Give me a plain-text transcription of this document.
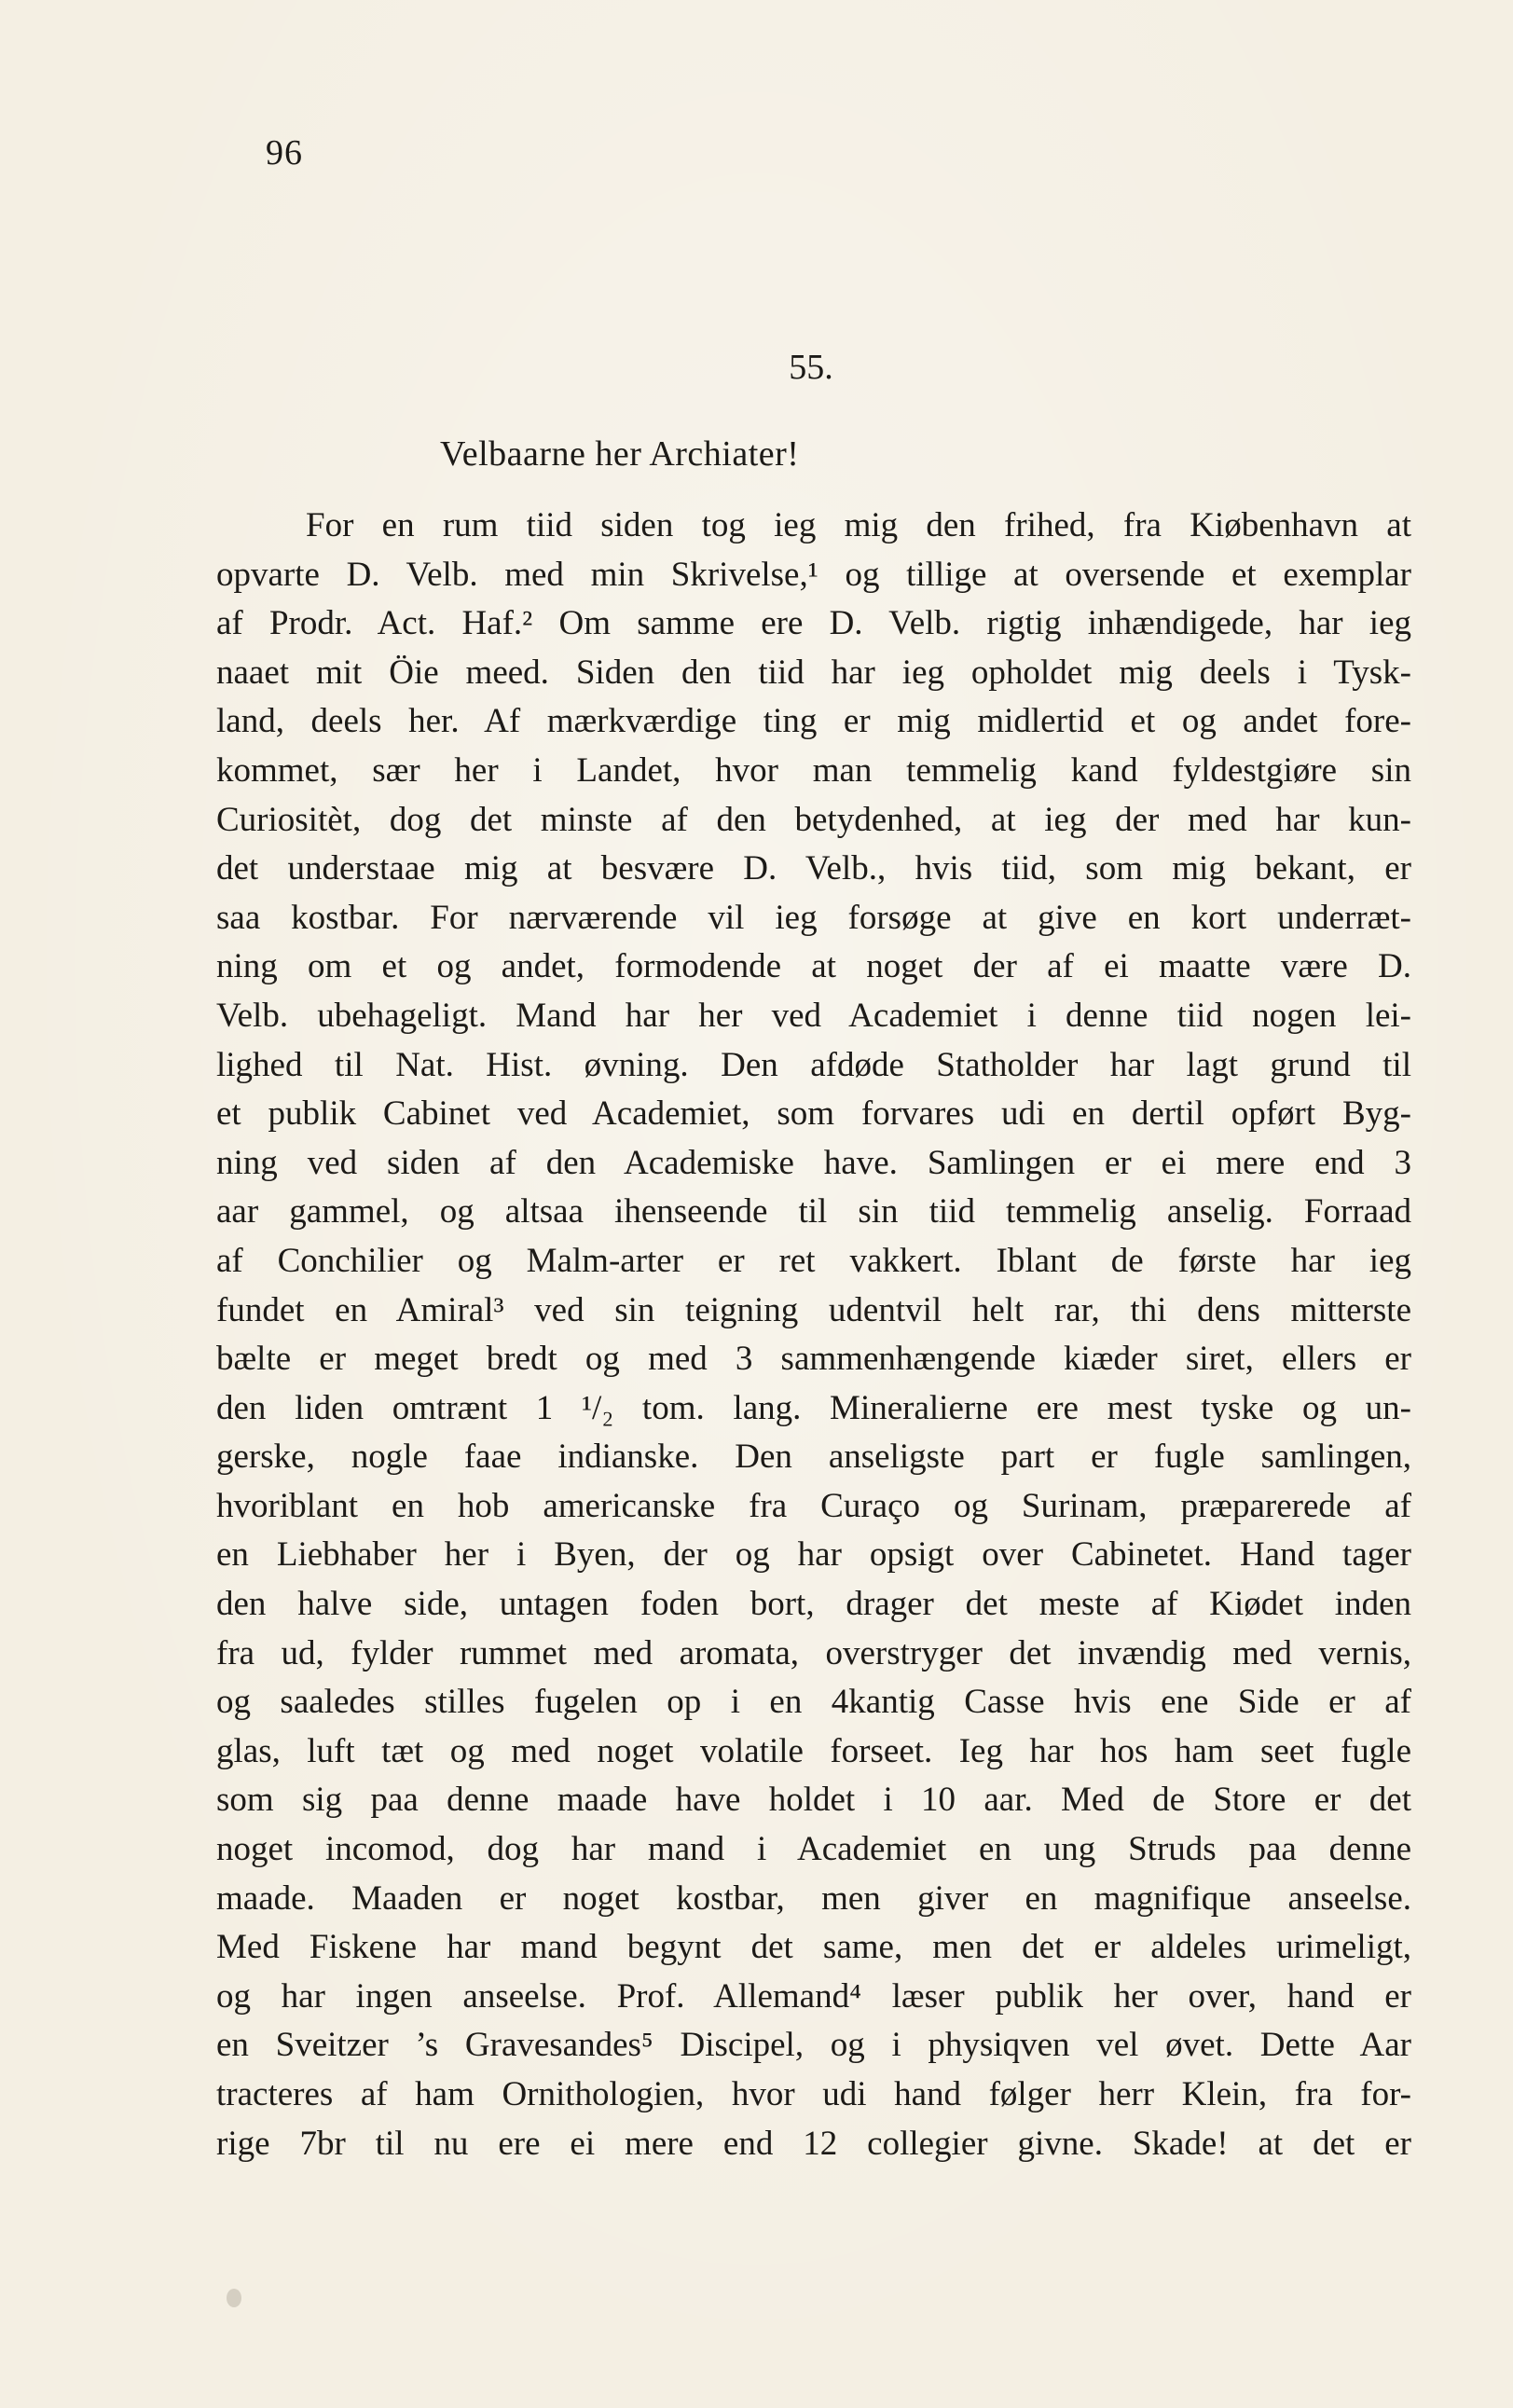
96
55.
Velbaarne her Archiater!
For en rum tiid siden tog ieg mig den frihed, fra Kiøbenhavn at
opvarte D. Velb. med min Skrivelse,¹ og tillige at oversende et exemplar
af Prodr. Act. Haf.² Om samme ere D. Velb. rigtig inhændigede, har ieg
naaet mit Öie meed. Siden den tiid har ieg opholdet mig deels i Tysk-
land, deels her. Af mærkværdige ting er mig midlertid et og andet fore-
kommet, sær her i Landet, hvor man temmelig kand fyldestgiøre sin
Curiositèt, dog det minste af den betydenhed, at ieg der med har kun-
det understaae mig at besvære D. Velb., hvis tiid, som mig bekant, er
saa kostbar. For nærværende vil ieg forsøge at give en kort underræt-
ning om et og andet, formodende at noget der af ei maatte være D.
Velb. ubehageligt. Mand har her ved Academiet i denne tiid nogen lei-
lighed til Nat. Hist. øvning. Den afdøde Statholder har lagt grund til
et publik Cabinet ved Academiet, som forvares udi en dertil opført Byg-
ning ved siden af den Academiske have. Samlingen er ei mere end 3
aar gammel, og altsaa ihenseende til sin tiid temmelig anselig. Forraad
af Conchilier og Malm-arter er ret vakkert. Iblant de første har ieg
fundet en Amiral³ ved sin teigning udentvil helt rar, thi dens mitterste
bælte er meget bredt og med 3 sammenhængende kiæder siret, ellers er
den liden omtrænt 1 ¹/₂ tom. lang. Mineralierne ere mest tyske og un-
gerske, nogle faae indianske. Den anseligste part er fugle samlingen,
hvoriblant en hob americanske fra Curaço og Surinam, præparerede af
en Liebhaber her i Byen, der og har opsigt over Cabinetet. Hand tager
den halve side, untagen foden bort, drager det meste af Kiødet inden
fra ud, fylder rummet med aromata, overstryger det invændig med vernis,
og saaledes stilles fugelen op i en 4kantig Casse hvis ene Side er af
glas, luft tæt og med noget volatile forseet. Ieg har hos ham seet fugle
som sig paa denne maade have holdet i 10 aar. Med de Store er det
noget incomod, dog har mand i Academiet en ung Struds paa denne
maade. Maaden er noget kostbar, men giver en magnifique anseelse.
Med Fiskene har mand begynt det same, men det er aldeles urimeligt,
og har ingen anseelse. Prof. Allemand⁴ læser publik her over, hand er
en Sveitzer ’s Gravesandes⁵ Discipel, og i physiqven vel øvet. Dette Aar
tracteres af ham Ornithologien, hvor udi hand følger herr Klein, fra for-
rige 7br til nu ere ei mere end 12 collegier givne. Skade! at det er
